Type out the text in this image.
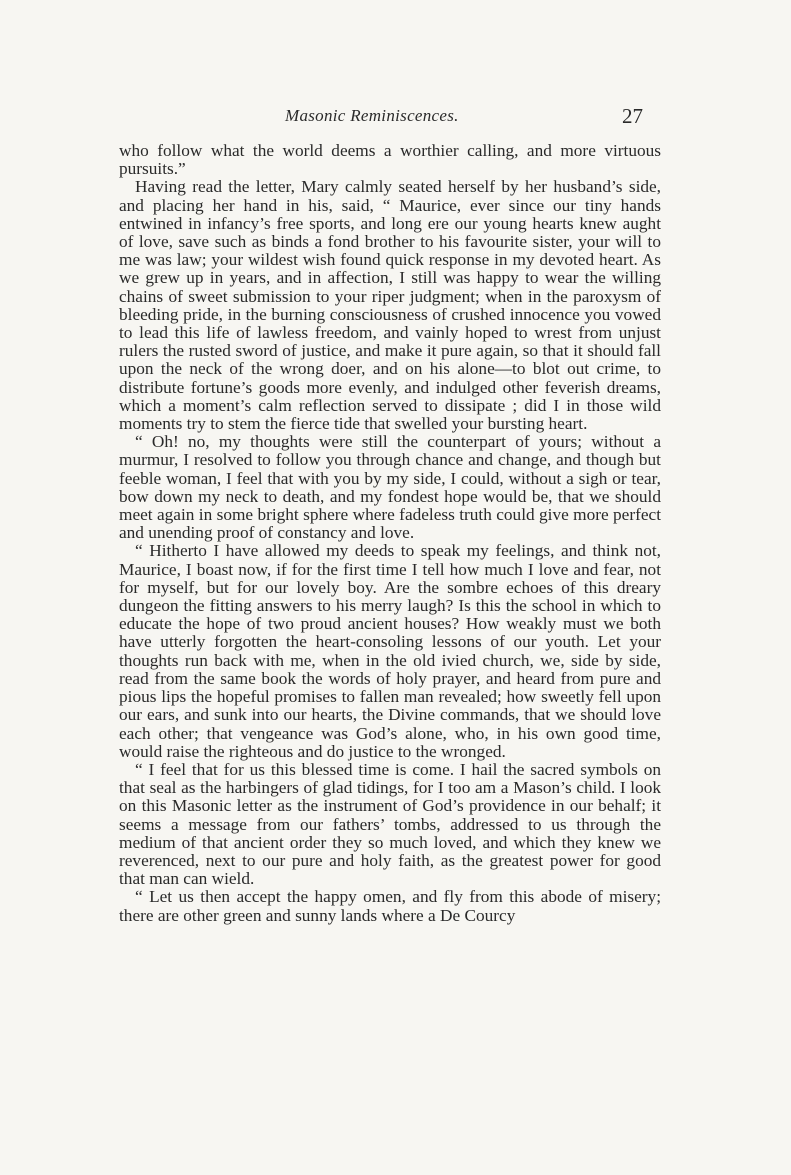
Masonic Reminiscences.	27

who follow what the world deems a worthier calling, and more virtuous pursuits.”

Having read the letter, Mary calmly seated herself by her husband’s side, and placing her hand in his, said, “ Maurice, ever since our tiny hands entwined in infancy’s free sports, and long ere our young hearts knew aught of love, save such as binds a fond brother to his favourite sister, your will to me was law; your wildest wish found quick response in my devoted heart. As we grew up in years, and in affection, I still was happy to wear the willing chains of sweet submission to your riper judgment; when in the paroxysm of bleeding pride, in the burning consciousness of crushed innocence you vowed to lead this life of lawless freedom, and vainly hoped to wrest from unjust rulers the rusted sword of justice, and make it pure again, so that it should fall upon the neck of the wrong doer, and on his alone—to blot out crime, to distribute fortune’s goods more evenly, and indulged other feverish dreams, which a moment’s calm reflection served to dissipate ; did I in those wild moments try to stem the fierce tide that swelled your bursting heart.

“ Oh! no, my thoughts were still the counterpart of yours; without a murmur, I resolved to follow you through chance and change, and though but feeble woman, I feel that with you by my side, I could, without a sigh or tear, bow down my neck to death, and my fondest hope would be, that we should meet again in some bright sphere where fadeless truth could give more perfect and unending proof of constancy and love.

“ Hitherto I have allowed my deeds to speak my feelings, and think not, Maurice, I boast now, if for the first time I tell how much I love and fear, not for myself, but for our lovely boy. Are the sombre echoes of this dreary dungeon the fitting answers to his merry laugh? Is this the school in which to educate the hope of two proud ancient houses? How weakly must we both have utterly forgotten the heart-consoling lessons of our youth. Let your thoughts run back with me, when in the old ivied church, we, side by side, read from the same book the words of holy prayer, and heard from pure and pious lips the hopeful promises to fallen man revealed; how sweetly fell upon our ears, and sunk into our hearts, the Divine commands, that we should love each other; that vengeance was God’s alone, who, in his own good time, would raise the righteous and do justice to the wronged.

“ I feel that for us this blessed time is come. I hail the sacred symbols on that seal as the harbingers of glad tidings, for I too am a Mason’s child. I look on this Masonic letter as the instrument of God’s providence in our behalf; it seems a message from our fathers’ tombs, addressed to us through the medium of that ancient order they so much loved, and which they knew we reverenced, next to our pure and holy faith, as the greatest power for good that man can wield.

“ Let us then accept the happy omen, and fly from this abode of misery; there are other green and sunny lands where a De Courcy
